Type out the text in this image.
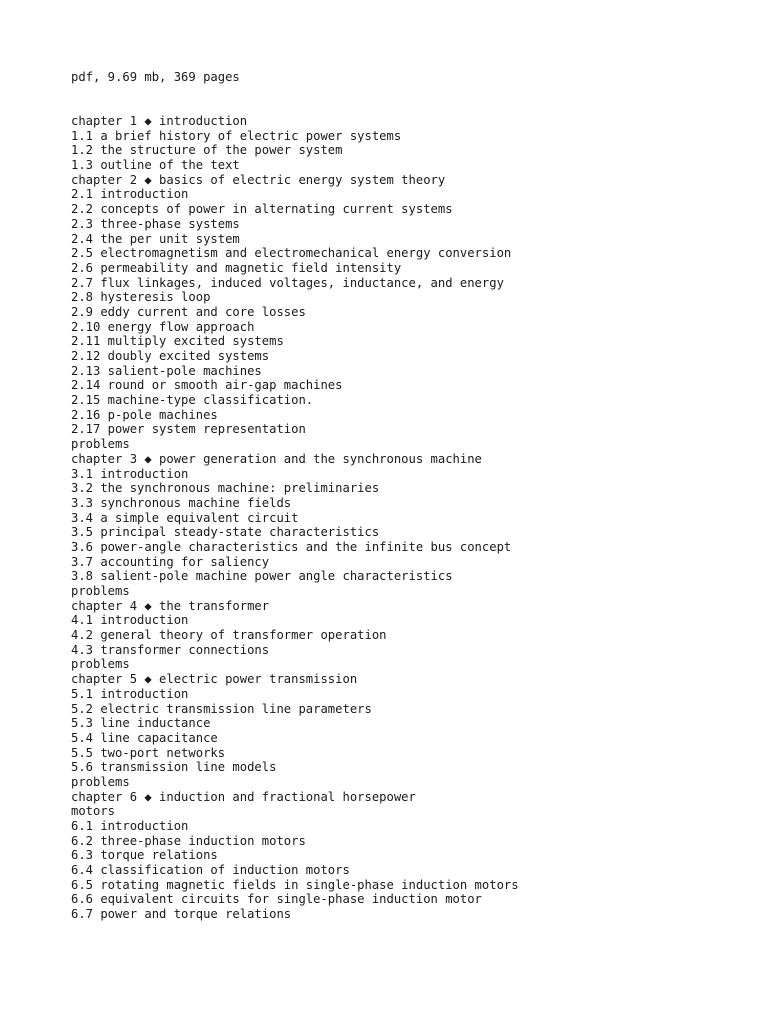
pdf, 9.69 mb, 369 pages

chapter 1 ◆ introduction
1.1 a brief history of electric power systems
1.2 the structure of the power system
1.3 outline of the text
chapter 2 ◆ basics of electric energy system theory
2.1 introduction
2.2 concepts of power in alternating current systems
2.3 three-phase systems
2.4 the per unit system
2.5 electromagnetism and electromechanical energy conversion
2.6 permeability and magnetic field intensity
2.7 flux linkages, induced voltages, inductance, and energy
2.8 hysteresis loop
2.9 eddy current and core losses
2.10 energy flow approach
2.11 multiply excited systems
2.12 doubly excited systems
2.13 salient-pole machines
2.14 round or smooth air-gap machines
2.15 machine-type classification.
2.16 p-pole machines
2.17 power system representation
problems
chapter 3 ◆ power generation and the synchronous machine
3.1 introduction
3.2 the synchronous machine: preliminaries
3.3 synchronous machine fields
3.4 a simple equivalent circuit
3.5 principal steady-state characteristics
3.6 power-angle characteristics and the infinite bus concept
3.7 accounting for saliency
3.8 salient-pole machine power angle characteristics
problems
chapter 4 ◆ the transformer
4.1 introduction
4.2 general theory of transformer operation
4.3 transformer connections
problems
chapter 5 ◆ electric power transmission
5.1 introduction
5.2 electric transmission line parameters
5.3 line inductance
5.4 line capacitance
5.5 two-port networks
5.6 transmission line models
problems
chapter 6 ◆ induction and fractional horsepower
motors
6.1 introduction
6.2 three-phase induction motors
6.3 torque relations
6.4 classification of induction motors
6.5 rotating magnetic fields in single-phase induction motors
6.6 equivalent circuits for single-phase induction motor
6.7 power and torque relations
